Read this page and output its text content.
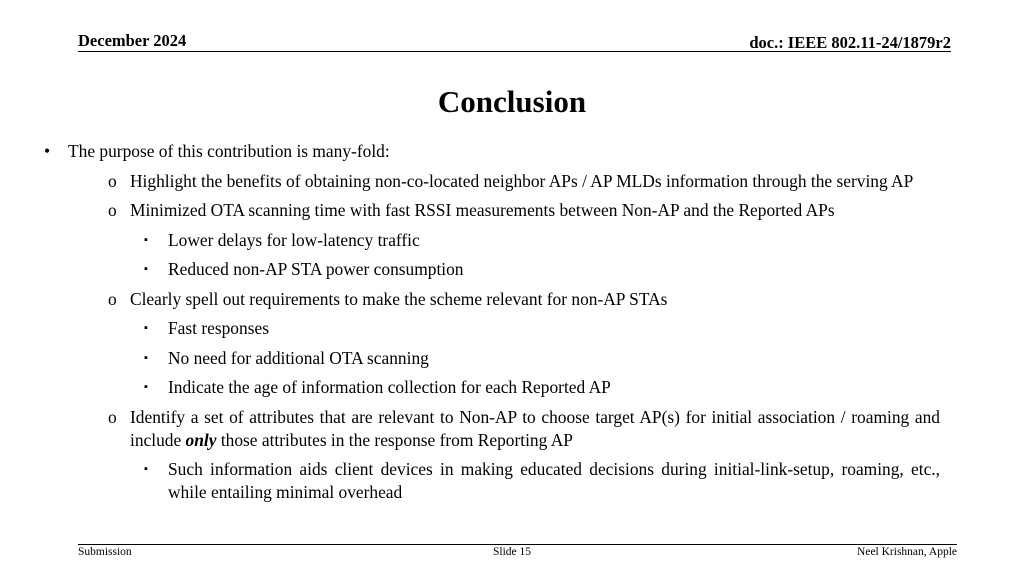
December 2024	doc.: IEEE 802.11-24/1879r2
Conclusion
• The purpose of this contribution is many-fold:
o Highlight the benefits of obtaining non-co-located neighbor APs / AP MLDs information through the serving AP
o Minimized OTA scanning time with fast RSSI measurements between Non-AP and the Reported APs
▪ Lower delays for low-latency traffic
▪ Reduced non-AP STA power consumption
o Clearly spell out requirements to make the scheme relevant for non-AP STAs
▪ Fast responses
▪ No need for additional OTA scanning
▪ Indicate the age of information collection for each Reported AP
o Identify a set of attributes that are relevant to Non-AP to choose target AP(s) for initial association / roaming and include only those attributes in the response from Reporting AP
▪ Such information aids client devices in making educated decisions during initial-link-setup, roaming, etc., while entailing minimal overhead
Submission	Slide 15	Neel Krishnan, Apple
